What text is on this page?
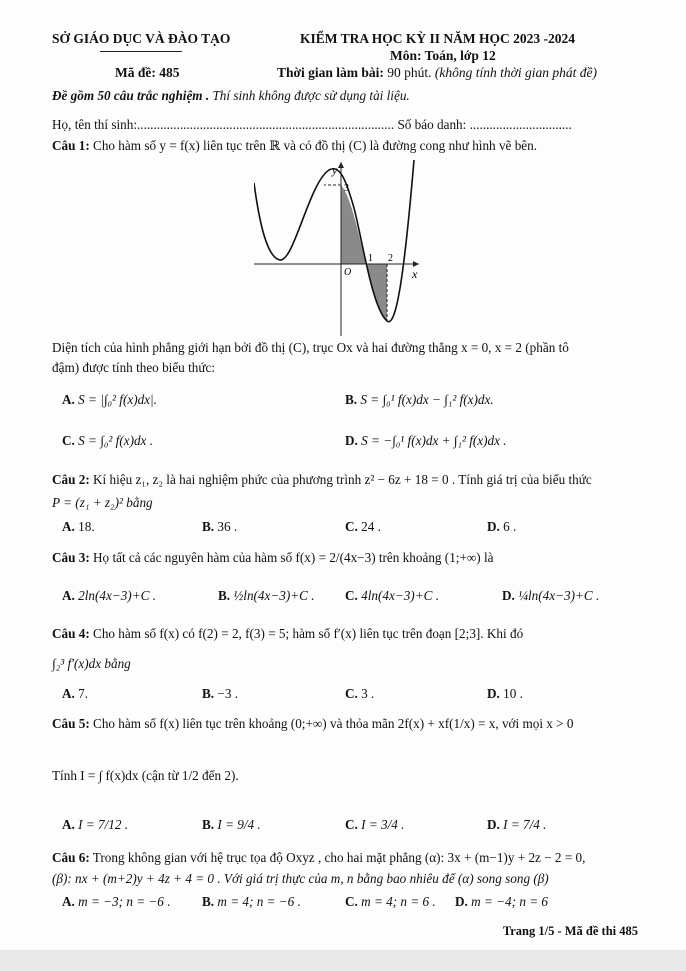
SỞ GIÁO DỤC VÀ ĐÀO TẠO	KIỂM TRA HỌC KỲ II NĂM HỌC 2023 -2024
Môn: Toán, lớp 12
Mã đề: 485	Thời gian làm bài: 90 phút. (không tính thời gian phát đề)
Đề gồm 50 câu trắc nghiệm . Thí sinh không được sử dụng tài liệu.
Họ, tên thí sinh:.............................................................................. Số báo danh: ...............................
Câu 1: Cho hàm số y = f(x) liên tục trên ℝ và có đồ thị (C) là đường cong như hình vẽ bên.
y
x
O
3
1 2
Diện tích của hình phẳng giới hạn bởi đồ thị (C), trục Ox và hai đường thẳng x = 0, x = 2 (phần tô
đậm) được tính theo biểu thức:
A. S = |∫₀² f(x)dx|.	B. S = ∫₀¹ f(x)dx − ∫₁² f(x)dx.
C. S = ∫₀² f(x)dx .	D. S = −∫₀¹ f(x)dx + ∫₁² f(x)dx .
Câu 2: Kí hiệu z₁, z₂ là hai nghiệm phức của phương trình z² − 6z + 18 = 0 . Tính giá trị của biểu thức
P = (z₁ + z₂)² bằng
A. 18.	B. 36 .	C. 24 .	D. 6 .
Câu 3: Họ tất cả các nguyên hàm của hàm số f(x) = 2/(4x−3) trên khoảng (1;+∞) là
A. 2ln(4x−3)+C .	B. ½ln(4x−3)+C . C. 4ln(4x−3)+C .	D. ¼ln(4x−3)+C .
Câu 4: Cho hàm số f(x) có f(2) = 2, f(3) = 5; hàm số f′(x) liên tục trên đoạn [2;3]. Khi đó
∫₂³ f′(x)dx bằng
A. 7.	B. −3 .	C. 3 .	D. 10 .
Câu 5: Cho hàm số f(x) liên tục trên khoảng (0;+∞) và thỏa mãn 2f(x) + xf(1/x) = x, với mọi x > 0
Tính I = ∫ f(x)dx (cận từ 1/2 đến 2).
A. I = 7/12 .	B. I = 9/4 .	C. I = 3/4 .	D. I = 7/4 .
Câu 6: Trong không gian với hệ trục tọa độ Oxyz , cho hai mặt phẳng (α): 3x + (m−1)y + 2z − 2 = 0,
(β): nx + (m+2)y + 4z + 4 = 0 . Với giá trị thực của m, n bằng bao nhiêu để (α) song song (β)
A. m = −3; n = −6 . B. m = 4; n = −6 .	C. m = 4; n = 6 . D. m = −4; n = 6
Trang 1/5 - Mã đề thi 485
